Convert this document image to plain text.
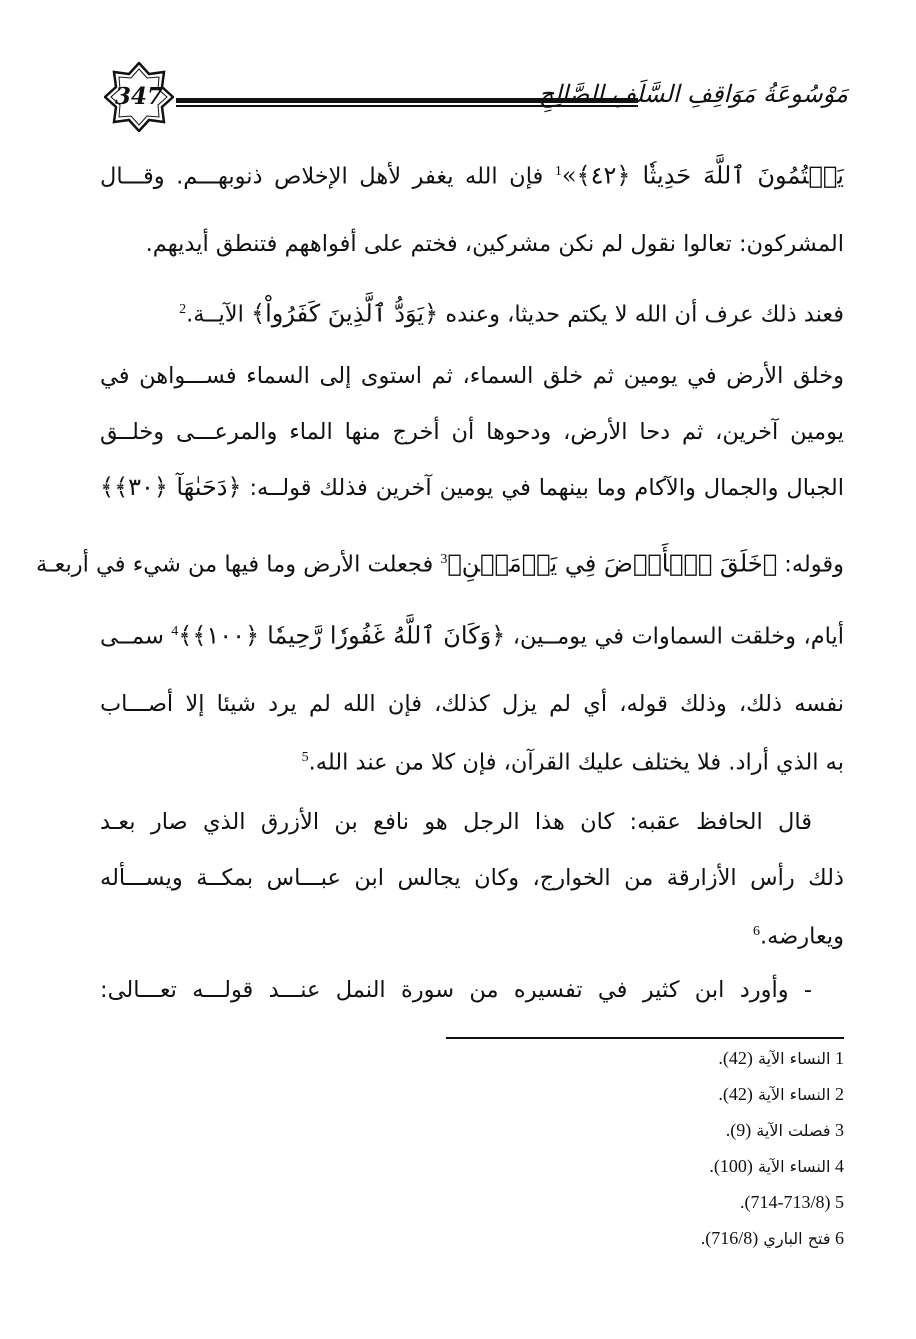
347	مَوْسُوعَةُ مَوَاقِفِ السَّلَفِ الصَّالِحِ
يَكۡتُمُونَ ٱللَّهَ حَدِيثٗا ﴿٤٢﴾»$^1$ فإن الله يغفر لأهل الإخلاص ذنوبهـــم. وقـــال
المشركون: تعالوا نقول لم نكن مشركين، فختم على أفواههم فتنطق أيديهم.
فعند ذلك عرف أن الله لا يكتم حديثا، وعنده ﴿يَوَدُّ ٱلَّذِينَ كَفَرُواْ﴾ الآيــة.$^2$
وخلق الأرض في يومين ثم خلق السماء، ثم استوى إلى السماء فســـواهن في
يومين آخرين، ثم دحا الأرض، ودحوها أن أخرج منها الماء والمرعـــى وخلــق
الجبال والجمال والآكام وما بينهما في يومين آخرين فذلك قولــه: ﴿دَحَىٰهَآ ﴿٣٠﴾﴾
وقوله: ﴿خَلَقَ ٱلۡأَرۡضَ فِي يَوۡمَيۡنِ﴾$^3$ فجعلت الأرض وما فيها من شيء في أربعـة
أيام، وخلقت السماوات في يومــين، ﴿وَكَانَ ٱللَّهُ غَفُورٗا رَّحِيمٗا ﴿١٠٠﴾﴾$^4$ سمــى
نفسه ذلك، وذلك قوله، أي لم يزل كذلك، فإن الله لم يرد شيئا إلا أصـــاب
به الذي أراد. فلا يختلف عليك القرآن، فإن كلا من عند الله.$^5$
قال الحافظ عقبه: كان هذا الرجل هو نافع بن الأزرق الذي صار بعـد
ذلك رأس الأزارقة من الخوارج، وكان يجالس ابن عبـــاس بمكــة ويســـأله
ويعارضه.$^6$
- وأورد ابن كثير في تفسيره من سورة النمل عنـــد قولـــه تعـــالى:
1 النساء الآية (42).
2 النساء الآية (42).
3 فصلت الآية (9).
4 النساء الآية (100).
5 (714-713/8).
6 فتح الباري (716/8).
